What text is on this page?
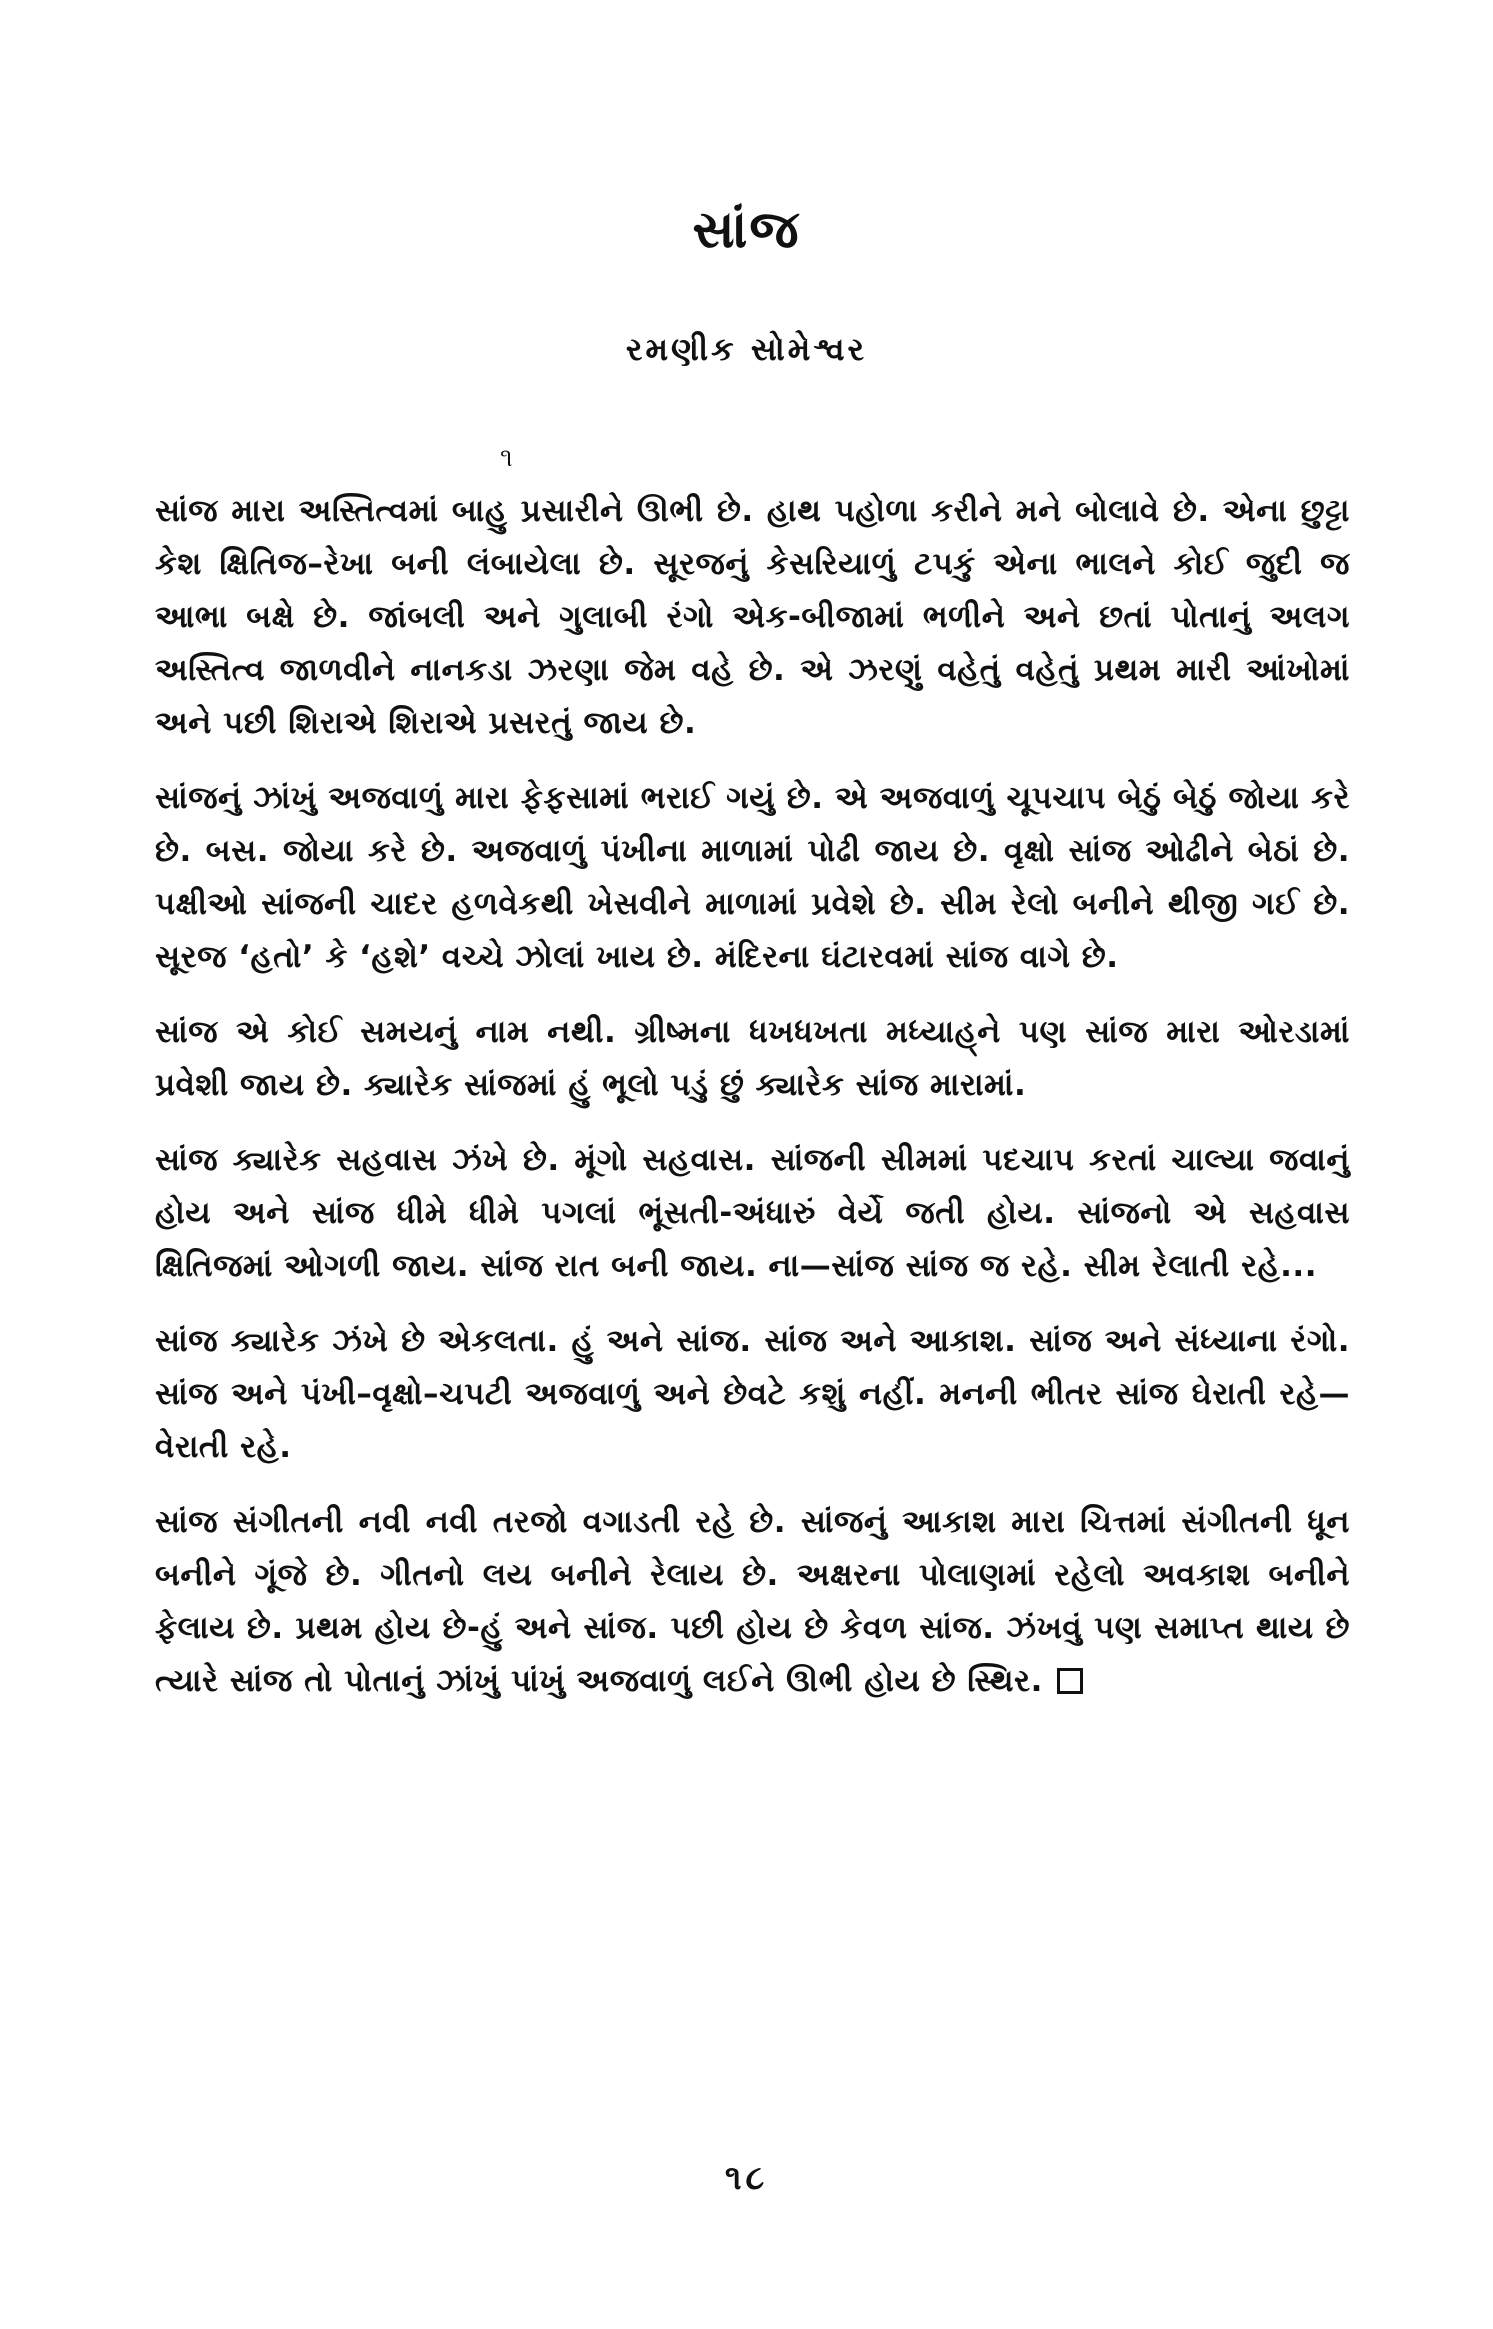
સાંજ
રમણીક સોમેશ્વર
૧

સાંજ મારા અસ્તિત્વમાં બાહુ પ્રસારીને ઊભી છે. હાથ પહોળા કરીને મને બોલાવે છે. એના છુટ્ટા કેશ ક્ષિતિજ–રેખા બની લંબાયેલા છે. સૂરજનું કેસરિયાળું ટપકું એના ભાલને કોઈ જુદી જ આભા બક્ષે છે. જાંબલી અને ગુલાબી રંગો એક-બીજામાં ભળીને અને છતાં પોતાનું અલગ અસ્તિત્વ જાળવીને નાનકડા ઝરણા જેમ વહે છે. એ ઝરણું વહેતું વહેતું પ્રથમ મારી આંખોમાં અને પછી શિરાએ શિરાએ પ્રસરતું જાય છે.

સાંજનું ઝાંખું અજવાળું મારા ફેફસામાં ભરાઈ ગયું છે. એ અજવાળું ચૂપચાપ બેઠું બેઠું જોયા કરે છે. બસ. જોયા કરે છે. અજવાળું પંખીના માળામાં પોઢી જાય છે. વૃક્ષો સાંજ ઓઢીને બેઠાં છે. પક્ષીઓ સાંજની ચાદર હળવેકથી ખેસવીને માળામાં પ્રવેશે છે. સીમ રેલો બનીને થીજી ગઈ છે. સૂરજ ‘હતો’ કે ‘હશે’ વચ્ચે ઝોલાં ખાય છે. મંદિરના ઘંટારવમાં સાંજ વાગે છે.

સાંજ એ કોઈ સમયનું નામ નથી. ગ્રીષ્મના ધખધખતા મધ્યાહ્‌ને પણ સાંજ મારા ઓરડામાં પ્રવેશી જાય છે. ક્યારેક સાંજમાં હું ભૂલો પડું છું ક્યારેક સાંજ મારામાં.

સાંજ ક્યારેક સહવાસ ઝંખે છે. મૂંગો સહવાસ. સાંજની સીમમાં પદચાપ કરતાં ચાલ્યા જવાનું હોય અને સાંજ ધીમે ધીમે પગલાં ભૂંસતી-અંધારું વેર્યે જતી હોય. સાંજનો એ સહવાસ ક્ષિતિજમાં ઓગળી જાય. સાંજ રાત બની જાય. ના—સાંજ સાંજ જ રહે. સીમ રેલાતી રહે...

સાંજ ક્યારેક ઝંખે છે એકલતા. હું અને સાંજ. સાંજ અને આકાશ. સાંજ અને સંધ્યાના રંગો. સાંજ અને પંખી–વૃક્ષો–ચપટી અજવાળું અને છેવટે કશું નહીં. મનની ભીતર સાંજ ઘેરાતી રહે—વેરાતી રહે.

સાંજ સંગીતની નવી નવી તરજો વગાડતી રહે છે. સાંજનું આકાશ મારા ચિત્તમાં સંગીતની ધૂન બનીને ગૂંજે છે. ગીતનો લય બનીને રેલાય છે. અક્ષરના પોલાણમાં રહેલો અવકાશ બનીને ફેલાય છે. પ્રથમ હોય છે-હું અને સાંજ. પછી હોય છે કેવળ સાંજ. ઝંખવું પણ સમાપ્ત થાય છે ત્યારે સાંજ તો પોતાનું ઝાંખું પાંખું અજવાળું લઈને ઊભી હોય છે સ્થિર.

૧૮
